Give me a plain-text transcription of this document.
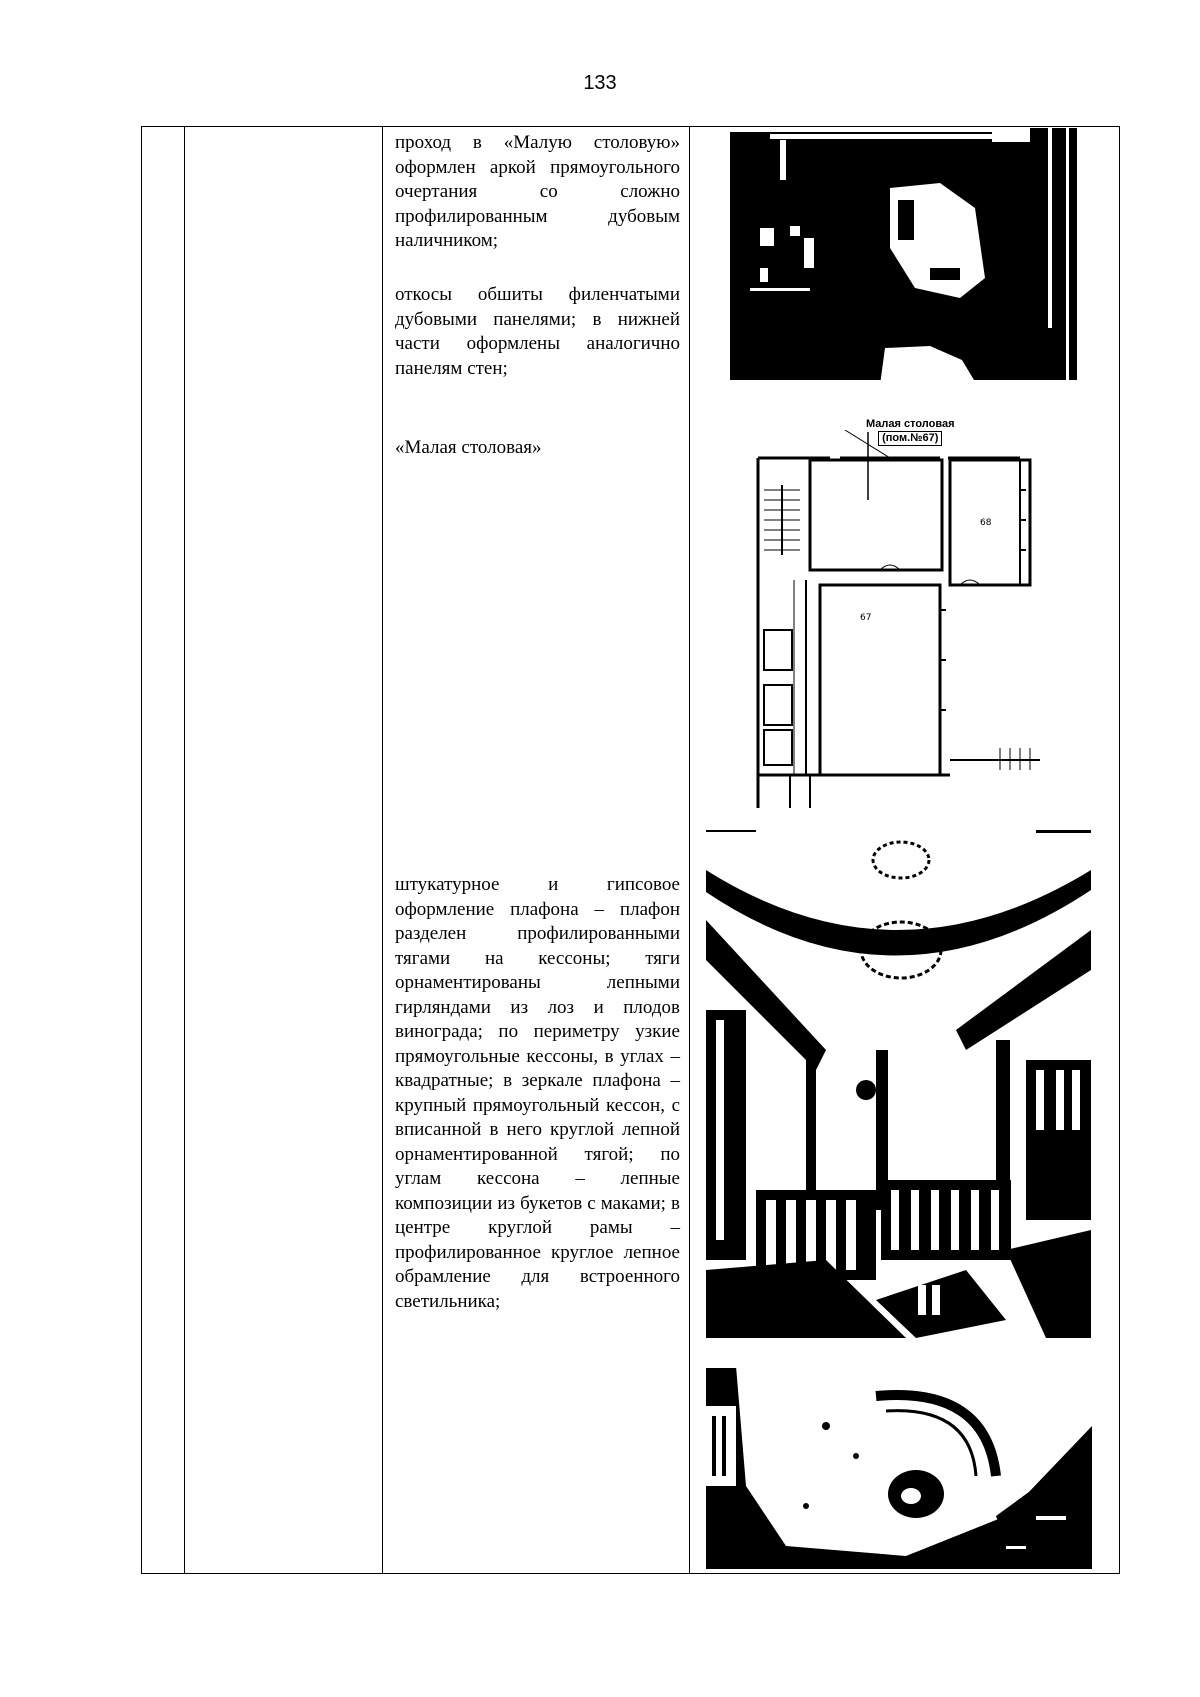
133

проход в «Малую столовую» оформлен аркой прямоугольного очертания со сложно профилированным дубовым наличником;

откосы обшиты филенчатыми дубовыми панелями; в нижней части оформлены аналогично панелям стен;

«Малая столовая»

штукатурное и гипсовое оформление плафона – плафон разделен профилированными тягами на кессоны; тяги орнаментированы лепными гирляндами из лоз и плодов винограда; по периметру узкие прямоугольные кессоны, в углах – квадратные; в зеркале плафона – крупный прямоугольный кессон, с вписанной в него круглой лепной орнаментированной тягой; по углам кессона – лепные композиции из букетов с маками; в центре круглой рамы – профилированное круглое лепное обрамление для встроенного светильника;

Малая столовая
(пом.№67)
67
68
